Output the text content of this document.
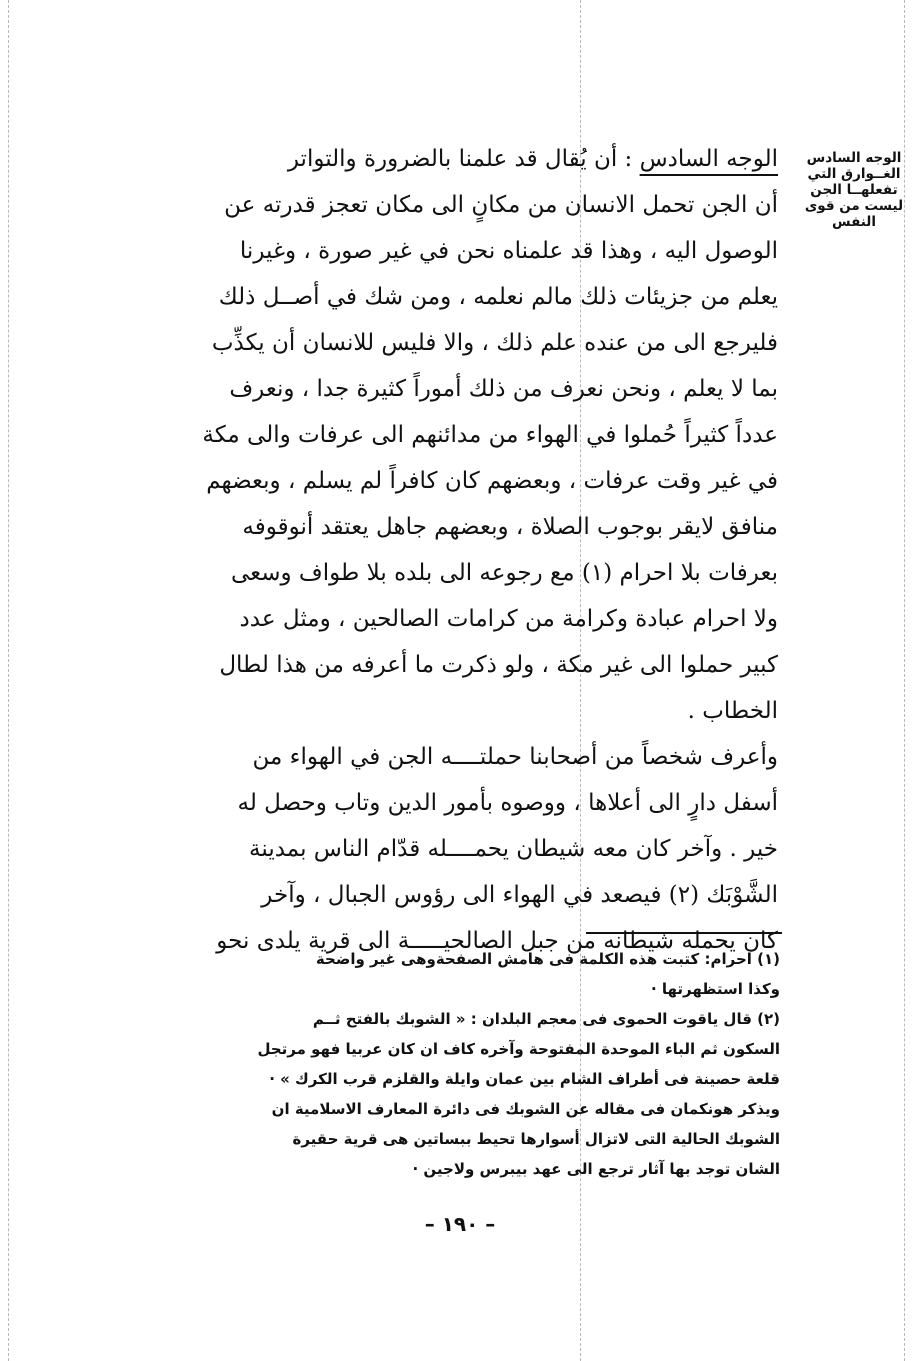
الوجه السادس
الغــوارق التي
تفعلهــا الجن
ليست من قوى
النفس
الوجه السادس : أن يُقال قد علمنا بالضرورة والتواتر
أن الجن تحمل الانسان من مكانٍ الى مكان تعجز قدرته عن
الوصول اليه ، وهذا قد علمناه نحن في غير صورة ، وغيرنا
يعلم من جزيئات ذلك مالم نعلمه ، ومن شك في أصــل ذلك
فليرجع الى من عنده علم ذلك ، والا فليس للانسان أن يكذِّب
بما لا يعلم ، ونحن نعرف من ذلك أموراً كثيرة جدا ، ونعرف
عدداً كثيراً حُملوا في الهواء من مدائنهم الى عرفات والى مكة
في غير وقت عرفات ، وبعضهم كان كافراً لم يسلم ، وبعضهم
منافق لايقر بوجوب الصلاة ، وبعضهم جاهل يعتقد أنوقوفه
بعرفات بلا احرام (١) مع رجوعه الى بلده بلا طواف وسعى
ولا احرام عبادة وكرامة من كرامات الصالحين ، ومثل عدد
كبير حملوا الى غير مكة ، ولو ذكرت ما أعرفه من هذا لطال
الخطاب .
وأعرف شخصاً من أصحابنا حملتــــه الجن في الهواء من
أسفل دارٍ الى أعلاها ، ووصوه بأمور الدين وتاب وحصل له
خير . وآخر كان معه شيطان يحمــــله قدّام الناس بمدينة
الشَّوْبَك (٢) فيصعد في الهواء الى رؤوس الجبال ، وآخر
كان يحمله شيطانه من جبل الصالحيـــــة الى قرية يلدى نحو
(١) احرام: كتبت هذه الكلمة فى هامش الصفحةوهى غير واضحة
وكذا استظهرتها ·
(٢) قال ياقوت الحموى فى معجم البلدان : « الشوبك بالفتح ثــم
السكون ثم الباء الموحدة المفتوحة وآخره كاف ان كان عربيا فهو مرتجل
قلعة حصينة فى أطراف الشام بين عمان وايلة والقلزم قرب الكرك » ·
ويذكر هونكمان فى مقاله عن الشوبك فى دائرة المعارف الاسلامية ان
الشوبك الحالية التى لاتزال أسوارها تحيط ببساتين هى قرية حقيرة
الشان توجد بها آثار ترجع الى عهد بيبرس ولاجين ·
– ١٩٠ –
